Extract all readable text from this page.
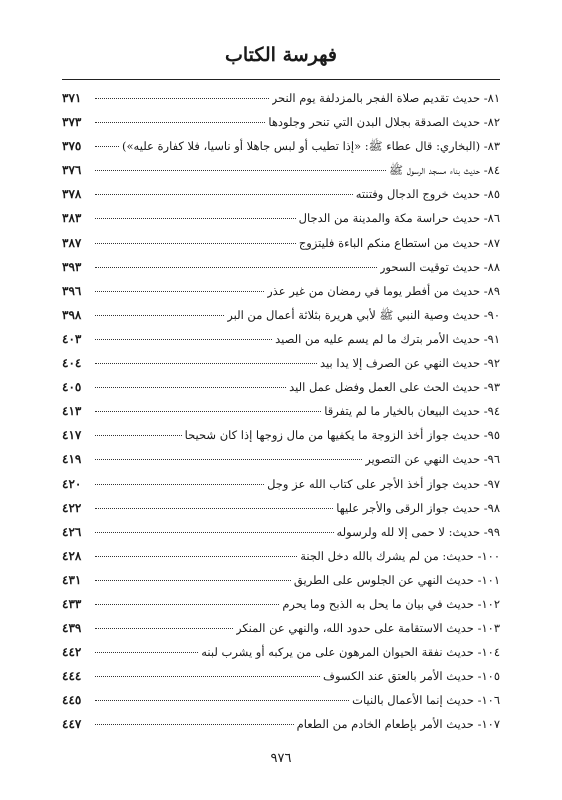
فهرسة الكتاب
٨١- حديث تقديم صلاة الفجر بالمزدلفة يوم النحر
٣٧١
٨٢- حديث الصدقة بجلال البدن التي تنحر وجلودها
٣٧٣
٨٣- (البخاري: قال عطاء ﷺ: «إذا تطيب أو لبس جاهلا أو ناسيا، فلا كفارة عليه»)
٣٧٥
٨٤- حديث بناء مسجد الرسول ﷺ
٣٧٦
٨٥- حديث خروج الدجال وفتنته
٣٧٨
٨٦- حديث حراسة مكة والمدينة من الدجال
٣٨٣
٨٧- حديث من استطاع منكم الباءة فليتزوج
٣٨٧
٨٨- حديث توقيت السحور
٣٩٣
٨٩- حديث من أفطر يوما في رمضان من غير عذر
٣٩٦
٩٠- حديث وصية النبي ﷺ لأبي هريرة بثلاثة أعمال من البر
٣٩٨
٩١- حديث الأمر بترك ما لم يسم عليه من الصيد
٤٠٣
٩٢- حديث النهي عن الصرف إلا يدا بيد
٤٠٤
٩٣- حديث الحث على العمل وفضل عمل اليد
٤٠٥
٩٤- حديث البيعان بالخيار ما لم يتفرقا
٤١٣
٩٥- حديث جواز أخذ الزوجة ما يكفيها من مال زوجها إذا كان شحيحا
٤١٧
٩٦- حديث النهي عن التصوير
٤١٩
٩٧- حديث جواز أخذ الأجر على كتاب الله عز وجل
٤٢٠
٩٨- حديث جواز الرقى والأجر عليها
٤٢٢
٩٩- حديث: لا حمى إلا لله ولرسوله
٤٢٦
١٠٠- حديث: من لم يشرك بالله دخل الجنة
٤٢٨
١٠١- حديث النهي عن الجلوس على الطريق
٤٣١
١٠٢- حديث في بيان ما يحل به الذبح وما يحرم
٤٣٣
١٠٣- حديث الاستقامة على حدود الله، والنهي عن المنكر
٤٣٩
١٠٤- حديث نفقة الحيوان المرهون على من يركبه أو يشرب لبنه
٤٤٢
١٠٥- حديث الأمر بالعتق عند الكسوف
٤٤٤
١٠٦- حديث إنما الأعمال بالنيات
٤٤٥
١٠٧- حديث الأمر بإطعام الخادم من الطعام
٤٤٧
٩٧٦
